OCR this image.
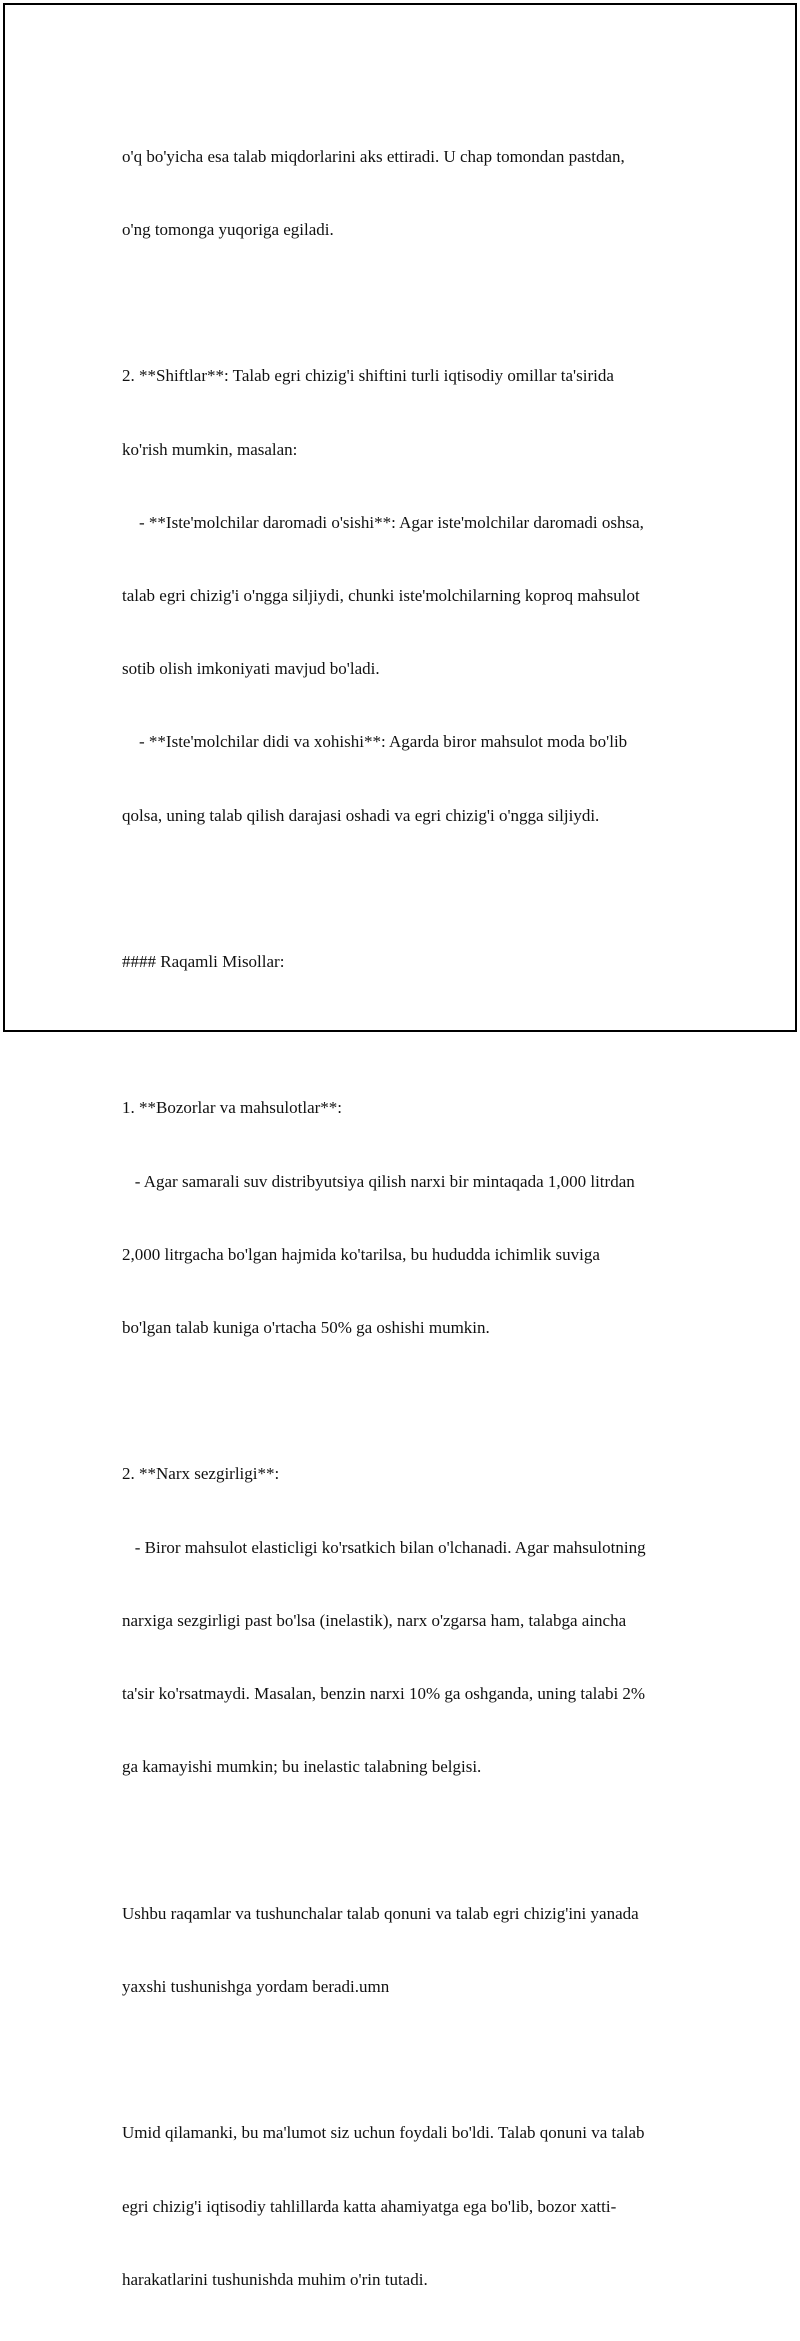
o'q bo'yicha esa talab miqdorlarini aks ettiradi. U chap tomondan pastdan,

o'ng tomonga yuqoriga egiladi.

2. **Shiftlar**: Talab egri chizig'i shiftini turli iqtisodiy omillar ta'sirida

ko'rish mumkin, masalan:

- **Iste'molchilar daromadi o'sishi**: Agar iste'molchilar daromadi oshsa,

talab egri chizig'i o'ngga siljiydi, chunki iste'molchilarning koproq mahsulot

sotib olish imkoniyati mavjud bo'ladi.

- **Iste'molchilar didi va xohishi**: Agarda biror mahsulot moda bo'lib

qolsa, uning talab qilish darajasi oshadi va egri chizig'i o'ngga siljiydi.

#### Raqamli Misollar:

1. **Bozorlar va mahsulotlar**:

- Agar samarali suv distribyutsiya qilish narxi bir mintaqada 1,000 litrdan

2,000 litrgacha bo'lgan hajmida ko'tarilsa, bu hududda ichimlik suviga

bo'lgan talab kuniga o'rtacha 50% ga oshishi mumkin.

2. **Narx sezgirligi**:

- Biror mahsulot elasticligi ko'rsatkich bilan o'lchanadi. Agar mahsulotning

narxiga sezgirligi past bo'lsa (inelastik), narx o'zgarsa ham, talabga aincha

ta'sir ko'rsatmaydi. Masalan, benzin narxi 10% ga oshganda, uning talabi 2%

ga kamayishi mumkin; bu inelastic talabning belgisi.

Ushbu raqamlar va tushunchalar talab qonuni va talab egri chizig'ini yanada

yaxshi tushunishga yordam beradi.umn

Umid qilamanki, bu ma'lumot siz uchun foydali bo'ldi. Talab qonuni va talab

egri chizig'i iqtisodiy tahlillarda katta ahamiyatga ega bo'lib, bozor xatti-

harakatlarini tushunishda muhim o'rin tutadi.
